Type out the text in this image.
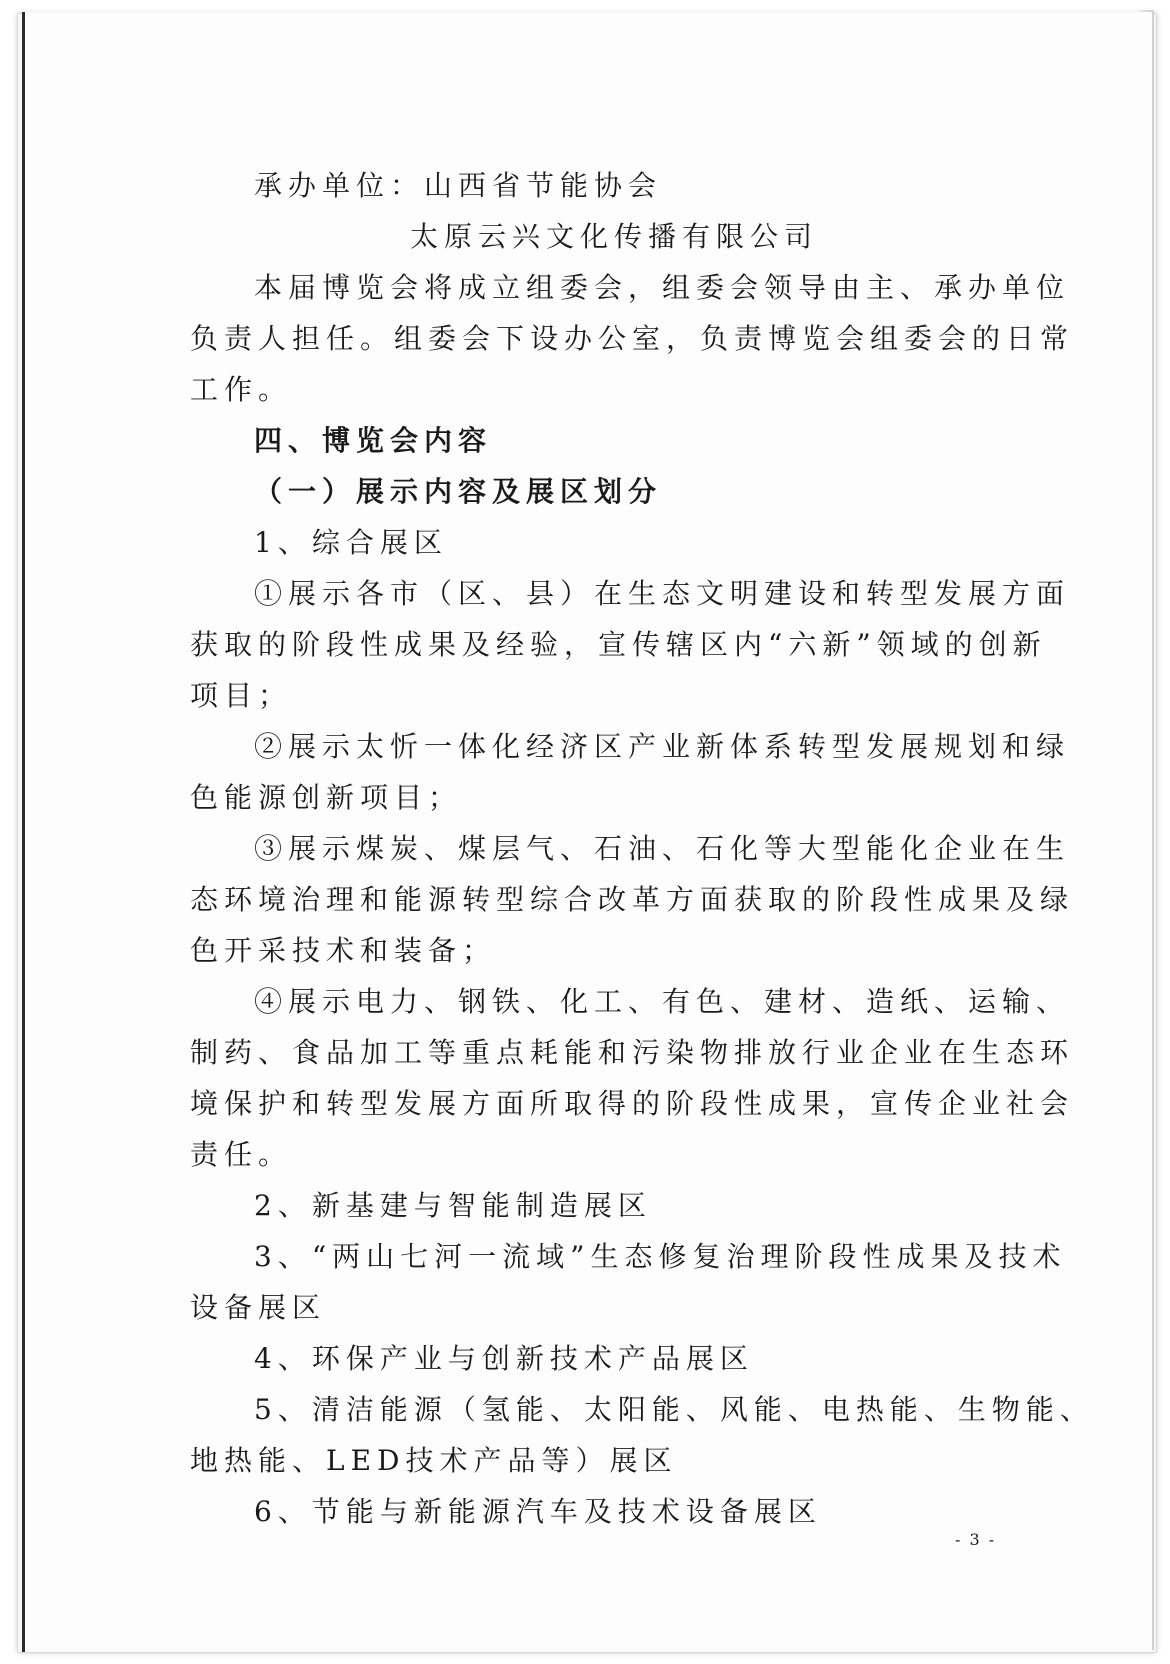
承办单位：山西省节能协会
太原云兴文化传播有限公司
本届博览会将成立组委会，组委会领导由主、承办单位
负责人担任。组委会下设办公室，负责博览会组委会的日常
工作。
四、博览会内容
（一）展示内容及展区划分
1、综合展区
①展示各市（区、县）在生态文明建设和转型发展方面
获取的阶段性成果及经验，宣传辖区内“六新”领域的创新
项目；
②展示太忻一体化经济区产业新体系转型发展规划和绿
色能源创新项目；
③展示煤炭、煤层气、石油、石化等大型能化企业在生
态环境治理和能源转型综合改革方面获取的阶段性成果及绿
色开采技术和装备；
④展示电力、钢铁、化工、有色、建材、造纸、运输、
制药、食品加工等重点耗能和污染物排放行业企业在生态环
境保护和转型发展方面所取得的阶段性成果，宣传企业社会
责任。
2、新基建与智能制造展区
3、“两山七河一流域”生态修复治理阶段性成果及技术
设备展区
4、环保产业与创新技术产品展区
5、清洁能源（氢能、太阳能、风能、电热能、生物能、
地热能、LED技术产品等）展区
6、节能与新能源汽车及技术设备展区
- 3 -
